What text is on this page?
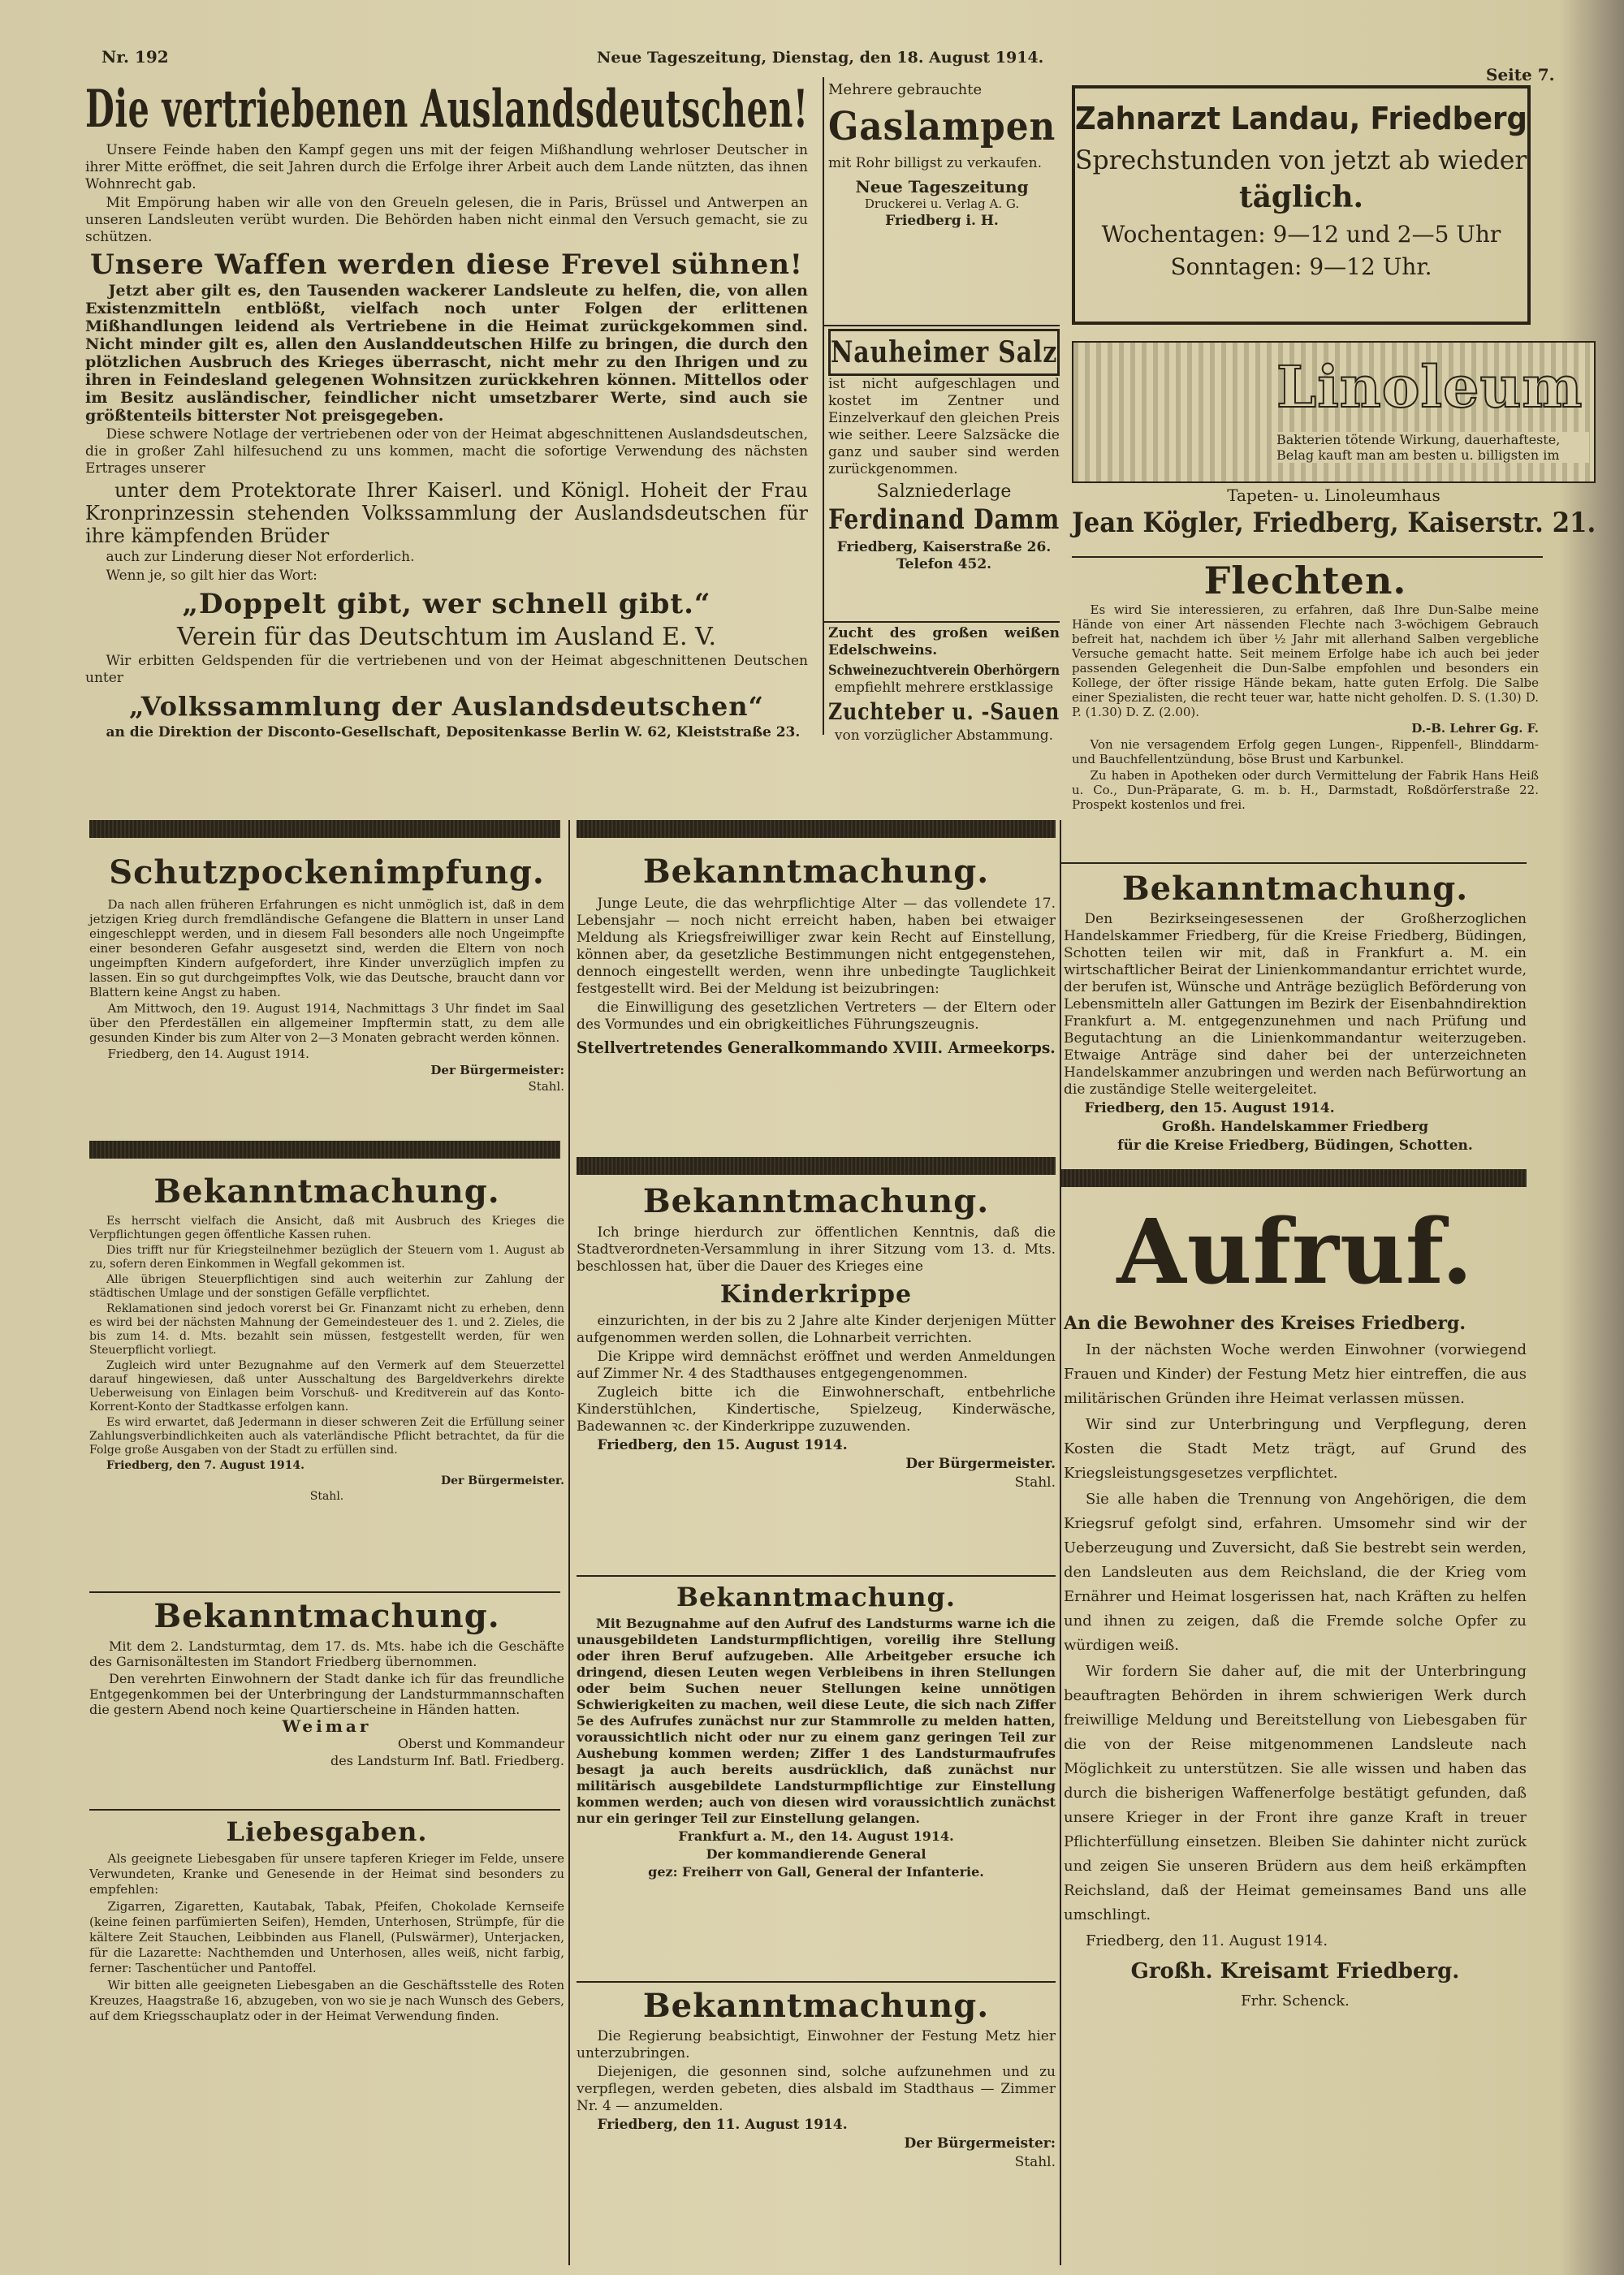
Nr. 192	Neue Tageszeitung, Dienstag, den 18. August 1914.
Seite 7.
Die vertriebenen Auslandsdeutschen!

Unsere Feinde haben den Kampf gegen uns mit der feigen Mißhandlung wehrloser Deutscher in ihrer Mitte eröffnet, die seit Jahren durch die Erfolge ihrer Arbeit auch dem Lande nützten, das ihnen Wohnrecht gab.

Mit Empörung haben wir alle von den Greueln gelesen, die in Paris, Brüssel und Antwerpen an unseren Landsleuten verübt wurden. Die Behörden haben nicht einmal den Versuch gemacht, sie zu schützen.

Unsere Waffen werden diese Frevel sühnen!

Jetzt aber gilt es, den Tausenden wackerer Landsleute zu helfen, die, von allen Existenzmitteln entblößt, vielfach noch unter Folgen der erlittenen Mißhandlungen leidend als Vertriebene in die Heimat zurückgekommen sind. Nicht minder gilt es, allen den Auslanddeutschen Hilfe zu bringen, die durch den plötzlichen Ausbruch des Krieges überrascht, nicht mehr zu den Ihrigen und zu ihren in Feindesland gelegenen Wohnsitzen zurückkehren können. Mittellos oder im Besitz ausländischer, feindlicher nicht umsetzbarer Werte, sind auch sie größtenteils bitterster Not preisgegeben.

Diese schwere Notlage der vertriebenen oder von der Heimat abgeschnittenen Auslandsdeutschen, die in großer Zahl hilfesuchend zu uns kommen, macht die sofortige Verwendung des nächsten Ertrages unserer

unter dem Protektorate Ihrer Kaiserl. und Königl. Hoheit der Frau Kronprinzessin stehenden Volkssammlung der Auslandsdeutschen für ihre kämpfenden Brüder

auch zur Linderung dieser Not erforderlich.

Wenn je, so gilt hier das Wort:

„Doppelt gibt, wer schnell gibt.“
Verein für das Deutschtum im Ausland E. V.

Wir erbitten Geldspenden für die vertriebenen und von der Heimat abgeschnittenen Deutschen unter

„Volkssammlung der Auslandsdeutschen“

an die Direktion der Disconto-Gesellschaft, Depositenkasse Berlin W. 62, Kleiststraße 23.

Mehrere gebrauchte
Gaslampen
mit Rohr billigst zu verkaufen.
Neue Tageszeitung
Druckerei u. Verlag A. G.
Friedberg i. H.
Nauheimer Salz
ist nicht aufgeschlagen und kostet im Zentner und Einzelverkauf den gleichen Preis wie seither. Leere Salzsäcke die ganz und sauber sind werden zurückgenommen.
Salzniederlage
Ferdinand Damm
Friedberg, Kaiserstraße 26.
Telefon 452.
Zucht des großen weißen Edelschweins.
Schweinezuchtverein Oberhörgern
empfiehlt mehrere erstklassige
Zuchteber u. -Sauen
von vorzüglicher Abstammung.
Zahnarzt Landau, Friedberg
Sprechstunden von jetzt ab wieder
täglich.
Wochentagen: 9—12 und 2—5 Uhr
Sonntagen: 9—12 Uhr.
Linoleum
Bakterien tötende Wirkung, dauerhafteste, Belag kauft man am besten u. billigsten im
Tapeten- u. Linoleumhaus
Jean Kögler, Friedberg, Kaiserstr. 21.
Flechten.

Es wird Sie interessieren, zu erfahren, daß Ihre Dun-Salbe meine Hände von einer Art nässenden Flechte nach 3-wöchigem Gebrauch befreit hat, nachdem ich über ½ Jahr mit allerhand Salben vergebliche Versuche gemacht hatte. Seit meinem Erfolge habe ich auch bei jeder passenden Gelegenheit die Dun-Salbe empfohlen und besonders ein Kollege, der öfter rissige Hände bekam, hatte guten Erfolg. Die Salbe einer Spezialisten, die recht teuer war, hatte nicht geholfen. D. S. (1.30) D. P. (1.30) D. Z. (2.00).

D.-B. Lehrer Gg. F.

Von nie versagendem Erfolg gegen Lungen-, Rippenfell-, Blinddarm- und Bauchfellentzündung, böse Brust und Karbunkel.

Zu haben in Apotheken oder durch Vermittelung der Fabrik Hans Heiß u. Co., Dun-Präparate, G. m. b. H., Darmstadt, Roßdörferstraße 22. Prospekt kostenlos und frei.

Schutzpockenimpfung.

Da nach allen früheren Erfahrungen es nicht unmöglich ist, daß in dem jetzigen Krieg durch fremdländische Gefangene die Blattern in unser Land eingeschleppt werden, und in diesem Fall besonders alle noch Ungeimpfte einer besonderen Gefahr ausgesetzt sind, werden die Eltern von noch ungeimpften Kindern aufgefordert, ihre Kinder unverzüglich impfen zu lassen. Ein so gut durchgeimpftes Volk, wie das Deutsche, braucht dann vor Blattern keine Angst zu haben.

Am Mittwoch, den 19. August 1914, Nachmittags 3 Uhr findet im Saal über den Pferdeställen ein allgemeiner Impftermin statt, zu dem alle gesunden Kinder bis zum Alter von 2—3 Monaten gebracht werden können.

Friedberg, den 14. August 1914.

Der Bürgermeister:

Stahl.

Bekanntmachung.

Es herrscht vielfach die Ansicht, daß mit Ausbruch des Krieges die Verpflichtungen gegen öffentliche Kassen ruhen.

Dies trifft nur für Kriegsteilnehmer bezüglich der Steuern vom 1. August ab zu, sofern deren Einkommen in Wegfall gekommen ist.

Alle übrigen Steuerpflichtigen sind auch weiterhin zur Zahlung der städtischen Umlage und der sonstigen Gefälle verpflichtet.

Reklamationen sind jedoch vorerst bei Gr. Finanzamt nicht zu erheben, denn es wird bei der nächsten Mahnung der Gemeindesteuer des 1. und 2. Zieles, die bis zum 14. d. Mts. bezahlt sein müssen, festgestellt werden, für wen Steuerpflicht vorliegt.

Zugleich wird unter Bezugnahme auf den Vermerk auf dem Steuerzettel darauf hingewiesen, daß unter Ausschaltung des Bargeldverkehrs direkte Ueberweisung von Einlagen beim Vorschuß- und Kreditverein auf das Konto-Korrent-Konto der Stadtkasse erfolgen kann.

Es wird erwartet, daß Jedermann in dieser schweren Zeit die Erfüllung seiner Zahlungsverbindlichkeiten auch als vaterländische Pflicht betrachtet, da für die Folge große Ausgaben von der Stadt zu erfüllen sind.

Friedberg, den 7. August 1914.

Der Bürgermeister.

Stahl.

Bekanntmachung.

Mit dem 2. Landsturmtag, dem 17. ds. Mts. habe ich die Geschäfte des Garnisonältesten im Standort Friedberg übernommen.

Den verehrten Einwohnern der Stadt danke ich für das freundliche Entgegenkommen bei der Unterbringung der Landsturmmannschaften die gestern Abend noch keine Quartierscheine in Händen hatten.

Weimar

Oberst und Kommandeur

des Landsturm Inf. Batl. Friedberg.

Liebesgaben.

Als geeignete Liebesgaben für unsere tapferen Krieger im Felde, unsere Verwundeten, Kranke und Genesende in der Heimat sind besonders zu empfehlen:

Zigarren, Zigaretten, Kautabak, Tabak, Pfeifen, Chokolade Kernseife (keine feinen parfümierten Seifen), Hemden, Unterhosen, Strümpfe, für die kältere Zeit Stauchen, Leibbinden aus Flanell, (Pulswärmer), Unterjacken, für die Lazarette: Nachthemden und Unterhosen, alles weiß, nicht farbig, ferner: Taschentücher und Pantoffel.

Wir bitten alle geeigneten Liebesgaben an die Geschäftsstelle des Roten Kreuzes, Haagstraße 16, abzugeben, von wo sie je nach Wunsch des Gebers, auf dem Kriegsschauplatz oder in der Heimat Verwendung finden.

Bekanntmachung.

Junge Leute, die das wehrpflichtige Alter — das vollendete 17. Lebensjahr — noch nicht erreicht haben, haben bei etwaiger Meldung als Kriegsfreiwilliger zwar kein Recht auf Einstellung, können aber, da gesetzliche Bestimmungen nicht entgegenstehen, dennoch eingestellt werden, wenn ihre unbedingte Tauglichkeit festgestellt wird. Bei der Meldung ist beizubringen:

die Einwilligung des gesetzlichen Vertreters — der Eltern oder des Vormundes und ein obrigkeitliches Führungszeugnis.

Stellvertretendes Generalkommando XVIII. Armeekorps.

Bekanntmachung.

Ich bringe hierdurch zur öffentlichen Kenntnis, daß die Stadtverordneten-Versammlung in ihrer Sitzung vom 13. d. Mts. beschlossen hat, über die Dauer des Krieges eine

Kinderkrippe

einzurichten, in der bis zu 2 Jahre alte Kinder derjenigen Mütter aufgenommen werden sollen, die Lohnarbeit verrichten.

Die Krippe wird demnächst eröffnet und werden Anmeldungen auf Zimmer Nr. 4 des Stadthauses entgegengenommen.

Zugleich bitte ich die Einwohnerschaft, entbehrliche Kinderstühlchen, Kindertische, Spielzeug, Kinderwäsche, Badewannen ꝛc. der Kinderkrippe zuzuwenden.

Friedberg, den 15. August 1914.

Der Bürgermeister.

Stahl.

Bekanntmachung.

Mit Bezugnahme auf den Aufruf des Landsturms warne ich die unausgebildeten Landsturmpflichtigen, voreilig ihre Stellung oder ihren Beruf aufzugeben. Alle Arbeitgeber ersuche ich dringend, diesen Leuten wegen Verbleibens in ihren Stellungen oder beim Suchen neuer Stellungen keine unnötigen Schwierigkeiten zu machen, weil diese Leute, die sich nach Ziffer 5e des Aufrufes zunächst nur zur Stammrolle zu melden hatten, voraussichtlich nicht oder nur zu einem ganz geringen Teil zur Aushebung kommen werden; Ziffer 1 des Landsturmaufrufes besagt ja auch bereits ausdrücklich, daß zunächst nur militärisch ausgebildete Landsturmpflichtige zur Einstellung kommen werden; auch von diesen wird voraussichtlich zunächst nur ein geringer Teil zur Einstellung gelangen.

Frankfurt a. M., den 14. August 1914.

Der kommandierende General

gez: Freiherr von Gall, General der Infanterie.

Bekanntmachung.

Die Regierung beabsichtigt, Einwohner der Festung Metz hier unterzubringen.

Diejenigen, die gesonnen sind, solche aufzunehmen und zu verpflegen, werden gebeten, dies alsbald im Stadthaus — Zimmer Nr. 4 — anzumelden.

Friedberg, den 11. August 1914.

Der Bürgermeister:

Stahl.

Bekanntmachung.

Den Bezirkseingesessenen der Großherzoglichen Handelskammer Friedberg, für die Kreise Friedberg, Büdingen, Schotten teilen wir mit, daß in Frankfurt a. M. ein wirtschaftlicher Beirat der Linienkommandantur errichtet wurde, der berufen ist, Wünsche und Anträge bezüglich Beförderung von Lebensmitteln aller Gattungen im Bezirk der Eisenbahndirektion Frankfurt a. M. entgegenzunehmen und nach Prüfung und Begutachtung an die Linienkommandantur weiterzugeben. Etwaige Anträge sind daher bei der unterzeichneten Handelskammer anzubringen und werden nach Befürwortung an die zuständige Stelle weitergeleitet.

Friedberg, den 15. August 1914.

Großh. Handelskammer Friedberg

für die Kreise Friedberg, Büdingen, Schotten.

Aufruf.
An die Bewohner des Kreises Friedberg.

In der nächsten Woche werden Einwohner (vorwiegend Frauen und Kinder) der Festung Metz hier eintreffen, die aus militärischen Gründen ihre Heimat verlassen müssen.

Wir sind zur Unterbringung und Verpflegung, deren Kosten die Stadt Metz trägt, auf Grund des Kriegsleistungsgesetzes verpflichtet.

Sie alle haben die Trennung von Angehörigen, die dem Kriegsruf gefolgt sind, erfahren. Umsomehr sind wir der Ueberzeugung und Zuversicht, daß Sie bestrebt sein werden, den Landsleuten aus dem Reichsland, die der Krieg vom Ernährer und Heimat losgerissen hat, nach Kräften zu helfen und ihnen zu zeigen, daß die Fremde solche Opfer zu würdigen weiß.

Wir fordern Sie daher auf, die mit der Unterbringung beauftragten Behörden in ihrem schwierigen Werk durch freiwillige Meldung und Bereitstellung von Liebesgaben für die von der Reise mitgenommenen Landsleute nach Möglichkeit zu unterstützen. Sie alle wissen und haben das durch die bisherigen Waffenerfolge bestätigt gefunden, daß unsere Krieger in der Front ihre ganze Kraft in treuer Pflichterfüllung einsetzen. Bleiben Sie dahinter nicht zurück und zeigen Sie unseren Brüdern aus dem heiß erkämpften Reichsland, daß der Heimat gemeinsames Band uns alle umschlingt.

Friedberg, den 11. August 1914.

Großh. Kreisamt Friedberg.

Frhr. Schenck.
